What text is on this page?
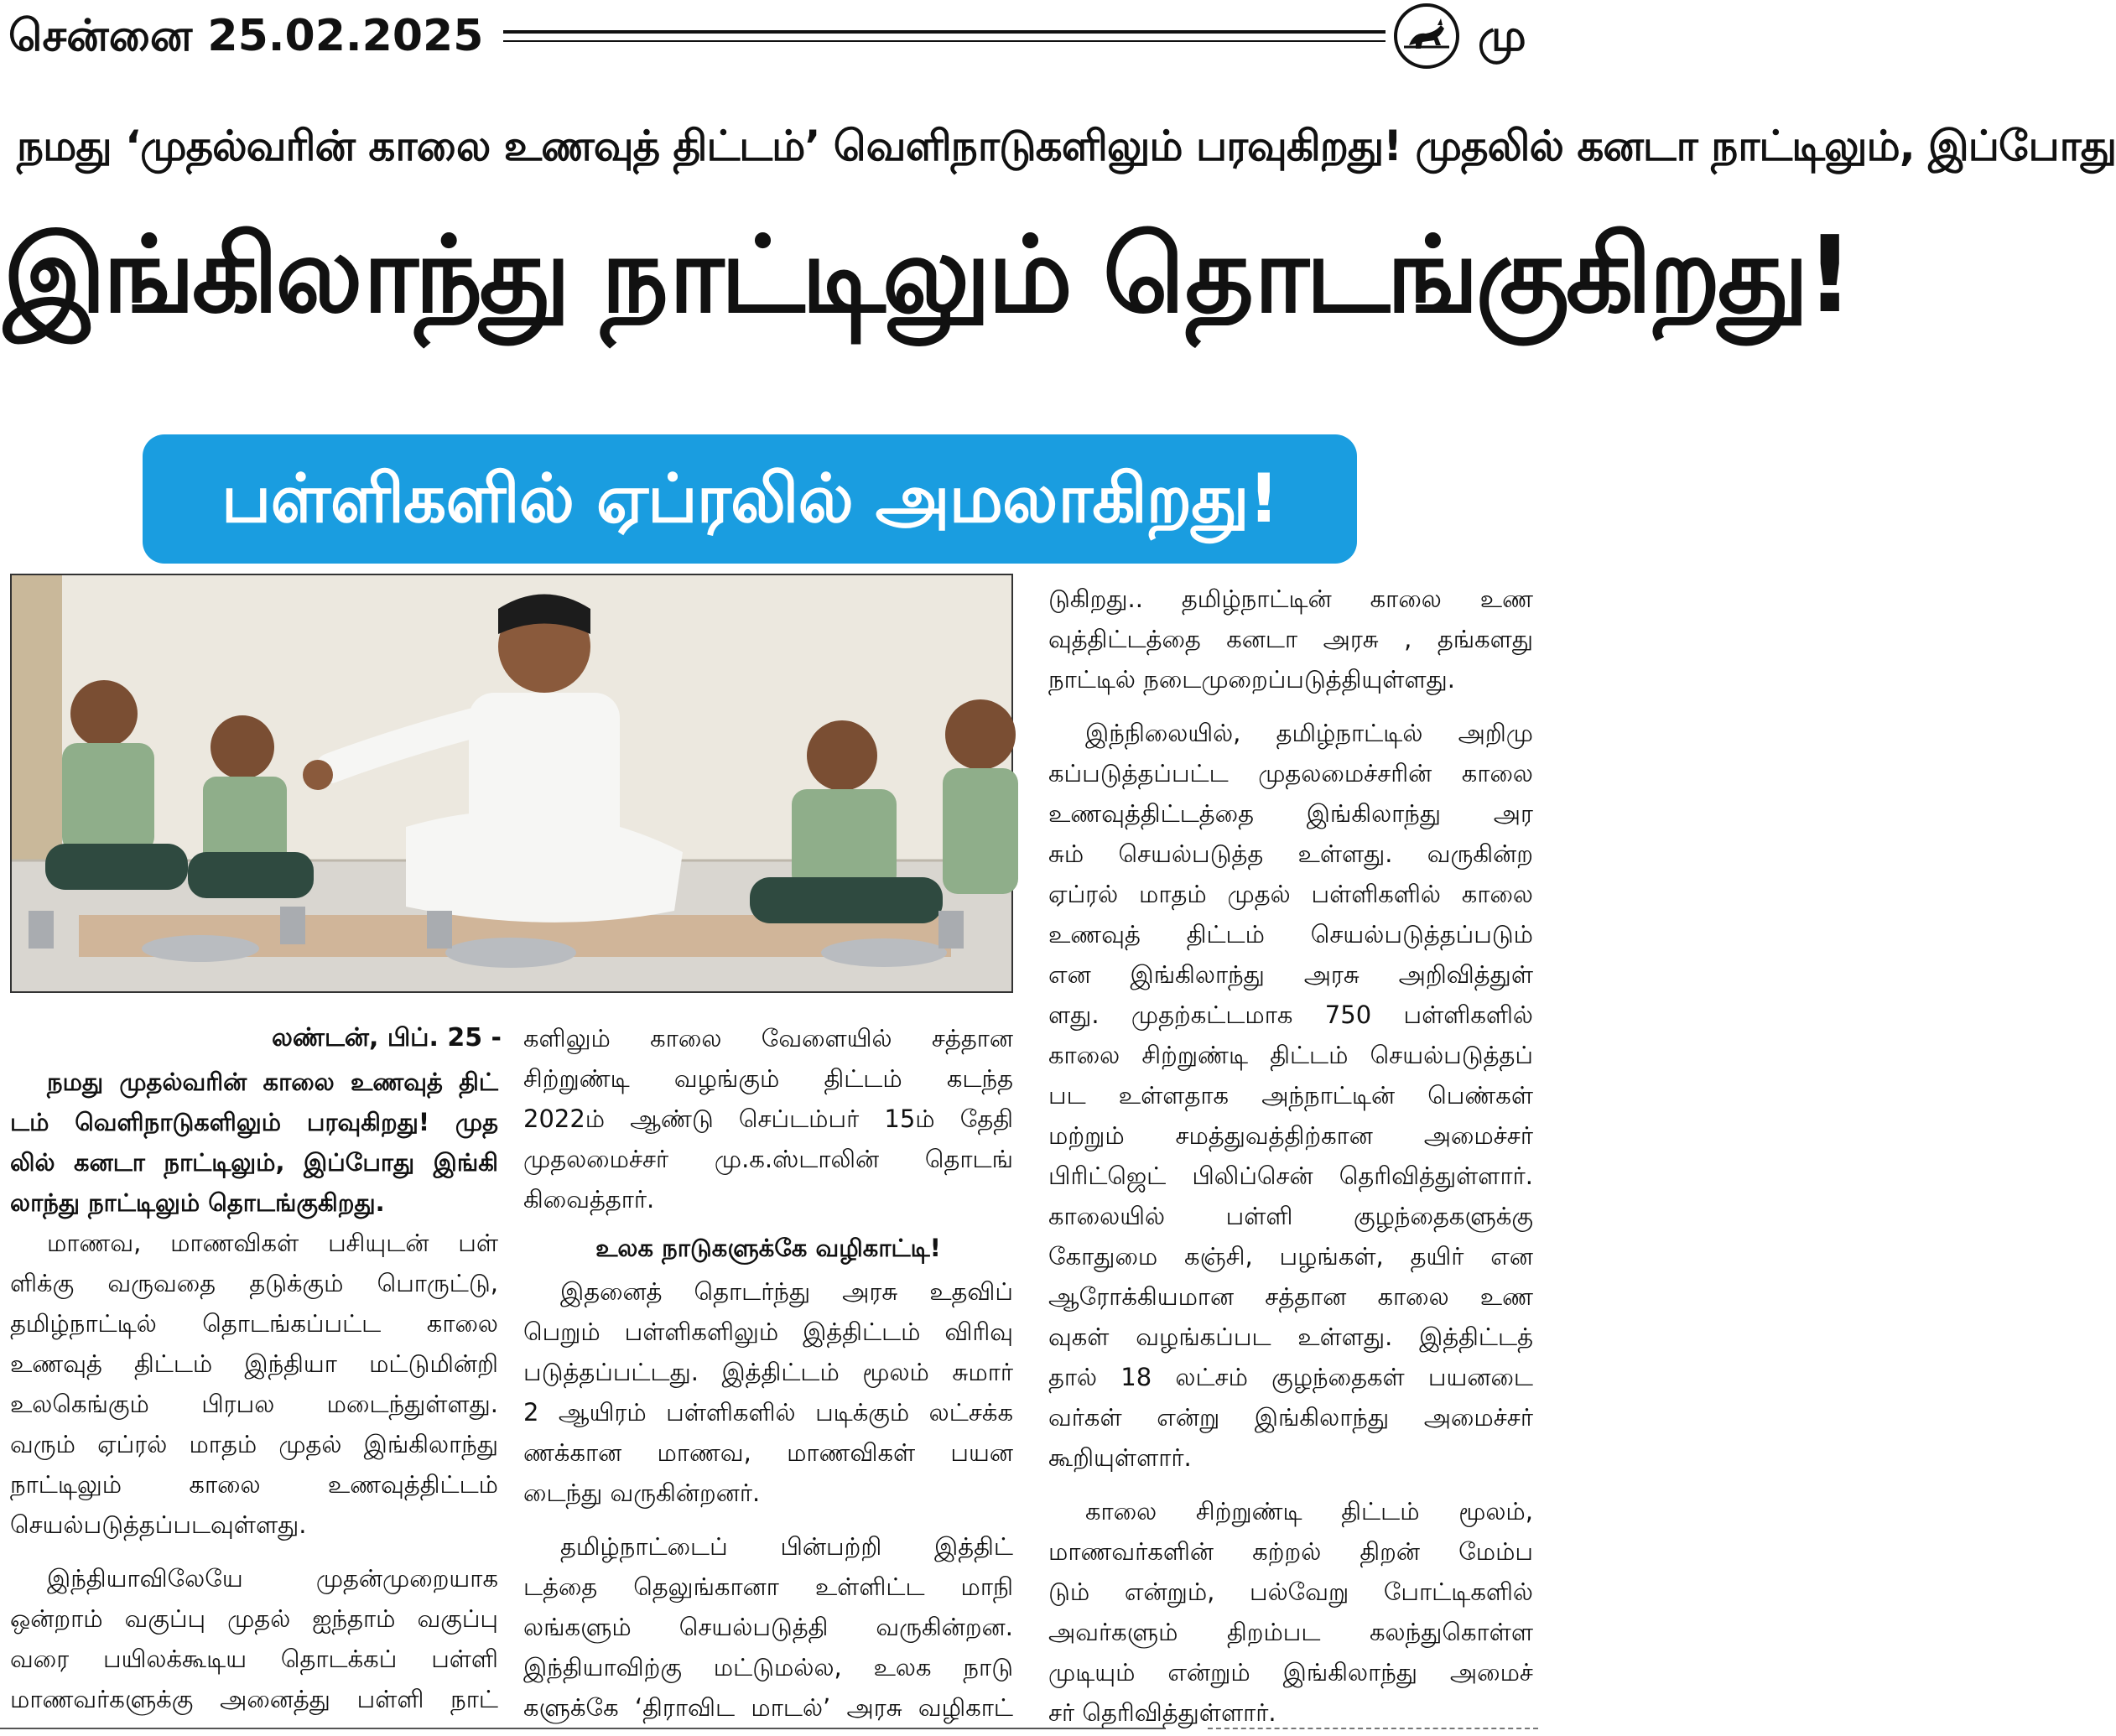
சென்னை 25.02.2025	மு
நமது ‘முதல்வரின் காலை உணவுத் திட்டம்’ வெளிநாடுகளிலும் பரவுகிறது! முதலில் கனடா நாட்டிலும், இப்போது
இங்கிலாந்து நாட்டிலும் தொடங்குகிறது!
பள்ளிகளில் ஏப்ரலில் அமலாகிறது!
லண்டன், பிப். 25 -

நமது முதல்வரின் காலை உணவுத் திட்
டம் வெளிநாடுகளிலும் பரவுகிறது! முத
லில் கனடா நாட்டிலும், இப்போது இங்கி
லாந்து நாட்டிலும் தொடங்குகிறது.

மாணவ, மாணவிகள் பசியுடன் பள்
ளிக்கு வருவதை தடுக்கும் பொருட்டு,
தமிழ்நாட்டில் தொடங்கப்பட்ட காலை
உணவுத் திட்டம் இந்தியா மட்டுமின்றி
உலகெங்கும் பிரபல மடைந்துள்ளது.
வரும் ஏப்ரல் மாதம் முதல் இங்கிலாந்து
நாட்டிலும் காலை உணவுத்திட்டம்
செயல்படுத்தப்படவுள்ளது.

இந்தியாவிலேயே முதன்முறையாக
ஒன்றாம் வகுப்பு முதல் ஐந்தாம் வகுப்பு
வரை பயிலக்கூடிய தொடக்கப் பள்ளி
மாணவர்களுக்கு அனைத்து பள்ளி நாட்

களிலும் காலை வேளையில் சத்தான
சிற்றுண்டி வழங்கும் திட்டம் கடந்த
2022ம் ஆண்டு செப்டம்பர் 15ம் தேதி
முதலமைச்சர் மு.க.ஸ்டாலின் தொடங்
கிவைத்தார்.

உலக நாடுகளுக்கே வழிகாட்டி!

இதனைத் தொடர்ந்து அரசு உதவிப்
பெறும் பள்ளிகளிலும் இத்திட்டம் விரிவு
படுத்தப்பட்டது. இத்திட்டம் மூலம் சுமார்
2 ஆயிரம் பள்ளிகளில் படிக்கும் லட்சக்க
ணக்கான மாணவ, மாணவிகள் பயன
டைந்து வருகின்றனர்.

தமிழ்நாட்டைப் பின்பற்றி இத்திட்
டத்தை தெலுங்கானா உள்ளிட்ட மாநி
லங்களும் செயல்படுத்தி வருகின்றன.
இந்தியாவிற்கு மட்டுமல்ல, உலக நாடு
களுக்கே ‘திராவிட மாடல்’ அரசு வழிகாட்

டுகிறது.. தமிழ்நாட்டின் காலை உண
வுத்திட்டத்தை கனடா அரசு , தங்களது
நாட்டில் நடைமுறைப்படுத்தியுள்ளது.

இந்நிலையில், தமிழ்நாட்டில் அறிமு
கப்படுத்தப்பட்ட முதலமைச்சரின் காலை
உணவுத்திட்டத்தை இங்கிலாந்து அர
சும் செயல்படுத்த உள்ளது. வருகின்ற
ஏப்ரல் மாதம் முதல் பள்ளிகளில் காலை
உணவுத் திட்டம் செயல்படுத்தப்படும்
என இங்கிலாந்து அரசு அறிவித்துள்
ளது. முதற்கட்டமாக 750 பள்ளிகளில்
காலை சிற்றுண்டி திட்டம் செயல்படுத்தப்
பட உள்ளதாக அந்நாட்டின் பெண்கள்
மற்றும் சமத்துவத்திற்கான அமைச்சர்
பிரிட்ஜெட் பிலிப்சென் தெரிவித்துள்ளார்.
காலையில் பள்ளி குழந்தைகளுக்கு
கோதுமை கஞ்சி, பழங்கள், தயிர் என
ஆரோக்கியமான சத்தான காலை உண
வுகள் வழங்கப்பட உள்ளது. இத்திட்டத்
தால் 18 லட்சம் குழந்தைகள் பயனடை
வர்கள் என்று இங்கிலாந்து அமைச்சர்
கூறியுள்ளார்.

காலை சிற்றுண்டி திட்டம் மூலம்,
மாணவர்களின் கற்றல் திறன் மேம்ப
டும் என்றும், பல்வேறு போட்டிகளில்
அவர்களும் திறம்பட கலந்துகொள்ள
முடியும் என்றும் இங்கிலாந்து அமைச்
சர் தெரிவித்துள்ளார்.
